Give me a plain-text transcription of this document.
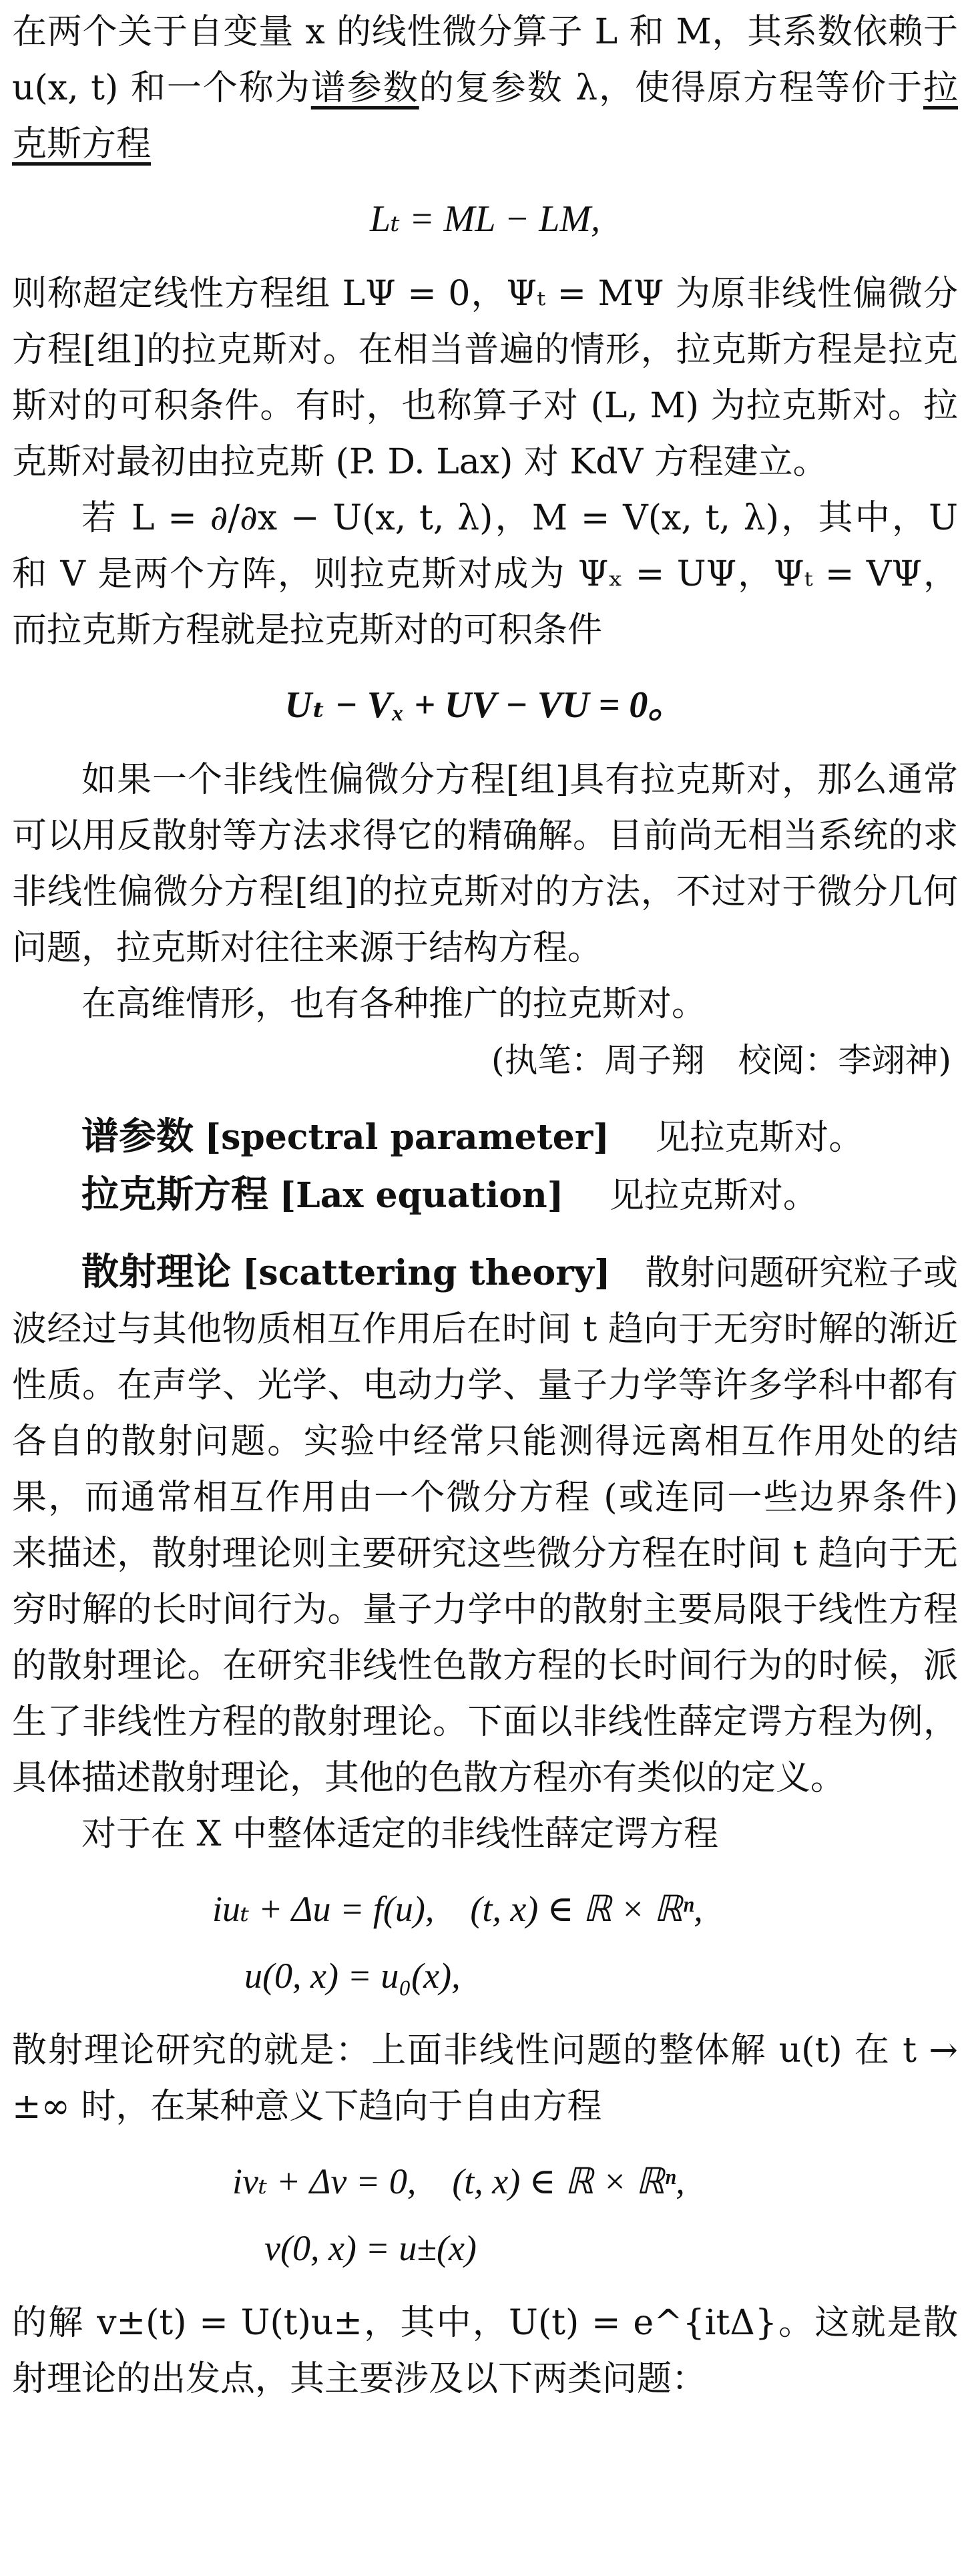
在两个关于自变量 x 的线性微分算子 L 和 M，其系数依赖于 u(x, t) 和一个称为谱参数的复参数 λ，使得原方程等价于拉克斯方程

Lₜ = ML − LM,

则称超定线性方程组 LΨ = 0，Ψₜ = MΨ 为原非线性偏微分方程[组]的拉克斯对。在相当普遍的情形，拉克斯方程是拉克斯对的可积条件。有时，也称算子对 (L, M) 为拉克斯对。拉克斯对最初由拉克斯 (P. D. Lax) 对 KdV 方程建立。

若 L = ∂/∂x − U(x, t, λ)，M = V(x, t, λ)，其中，U 和 V 是两个方阵，则拉克斯对成为 Ψₓ = UΨ，Ψₜ = VΨ，而拉克斯方程就是拉克斯对的可积条件

Uₜ − Vₓ + UV − VU = 0。

如果一个非线性偏微分方程[组]具有拉克斯对，那么通常可以用反散射等方法求得它的精确解。目前尚无相当系统的求非线性偏微分方程[组]的拉克斯对的方法，不过对于微分几何问题，拉克斯对往往来源于结构方程。

在高维情形，也有各种推广的拉克斯对。

(执笔：周子翔　校阅：李翊神)

谱参数 [spectral parameter]　 见拉克斯对。

拉克斯方程 [Lax equation]　 见拉克斯对。

散射理论 [scattering theory]　 散射问题研究粒子或波经过与其他物质相互作用后在时间 t 趋向于无穷时解的渐近性质。在声学、光学、电动力学、量子力学等许多学科中都有各自的散射问题。实验中经常只能测得远离相互作用处的结果，而通常相互作用由一个微分方程 (或连同一些边界条件) 来描述，散射理论则主要研究这些微分方程在时间 t 趋向于无穷时解的长时间行为。量子力学中的散射主要局限于线性方程的散射理论。在研究非线性色散方程的长时间行为的时候，派生了非线性方程的散射理论。下面以非线性薛定谔方程为例，具体描述散射理论，其他的色散方程亦有类似的定义。

对于在 X 中整体适定的非线性薛定谔方程

iuₜ + Δu = f(u),　(t, x) ∈ ℝ × ℝⁿ,
u(0, x) = u₀(x),

散射理论研究的就是：上面非线性问题的整体解 u(t) 在 t → ±∞ 时，在某种意义下趋向于自由方程

ivₜ + Δv = 0,　(t, x) ∈ ℝ × ℝⁿ,
v(0, x) = u±(x)

的解 v±(t) = U(t)u±，其中，U(t) = e^{itΔ}。这就是散射理论的出发点，其主要涉及以下两类问题：
